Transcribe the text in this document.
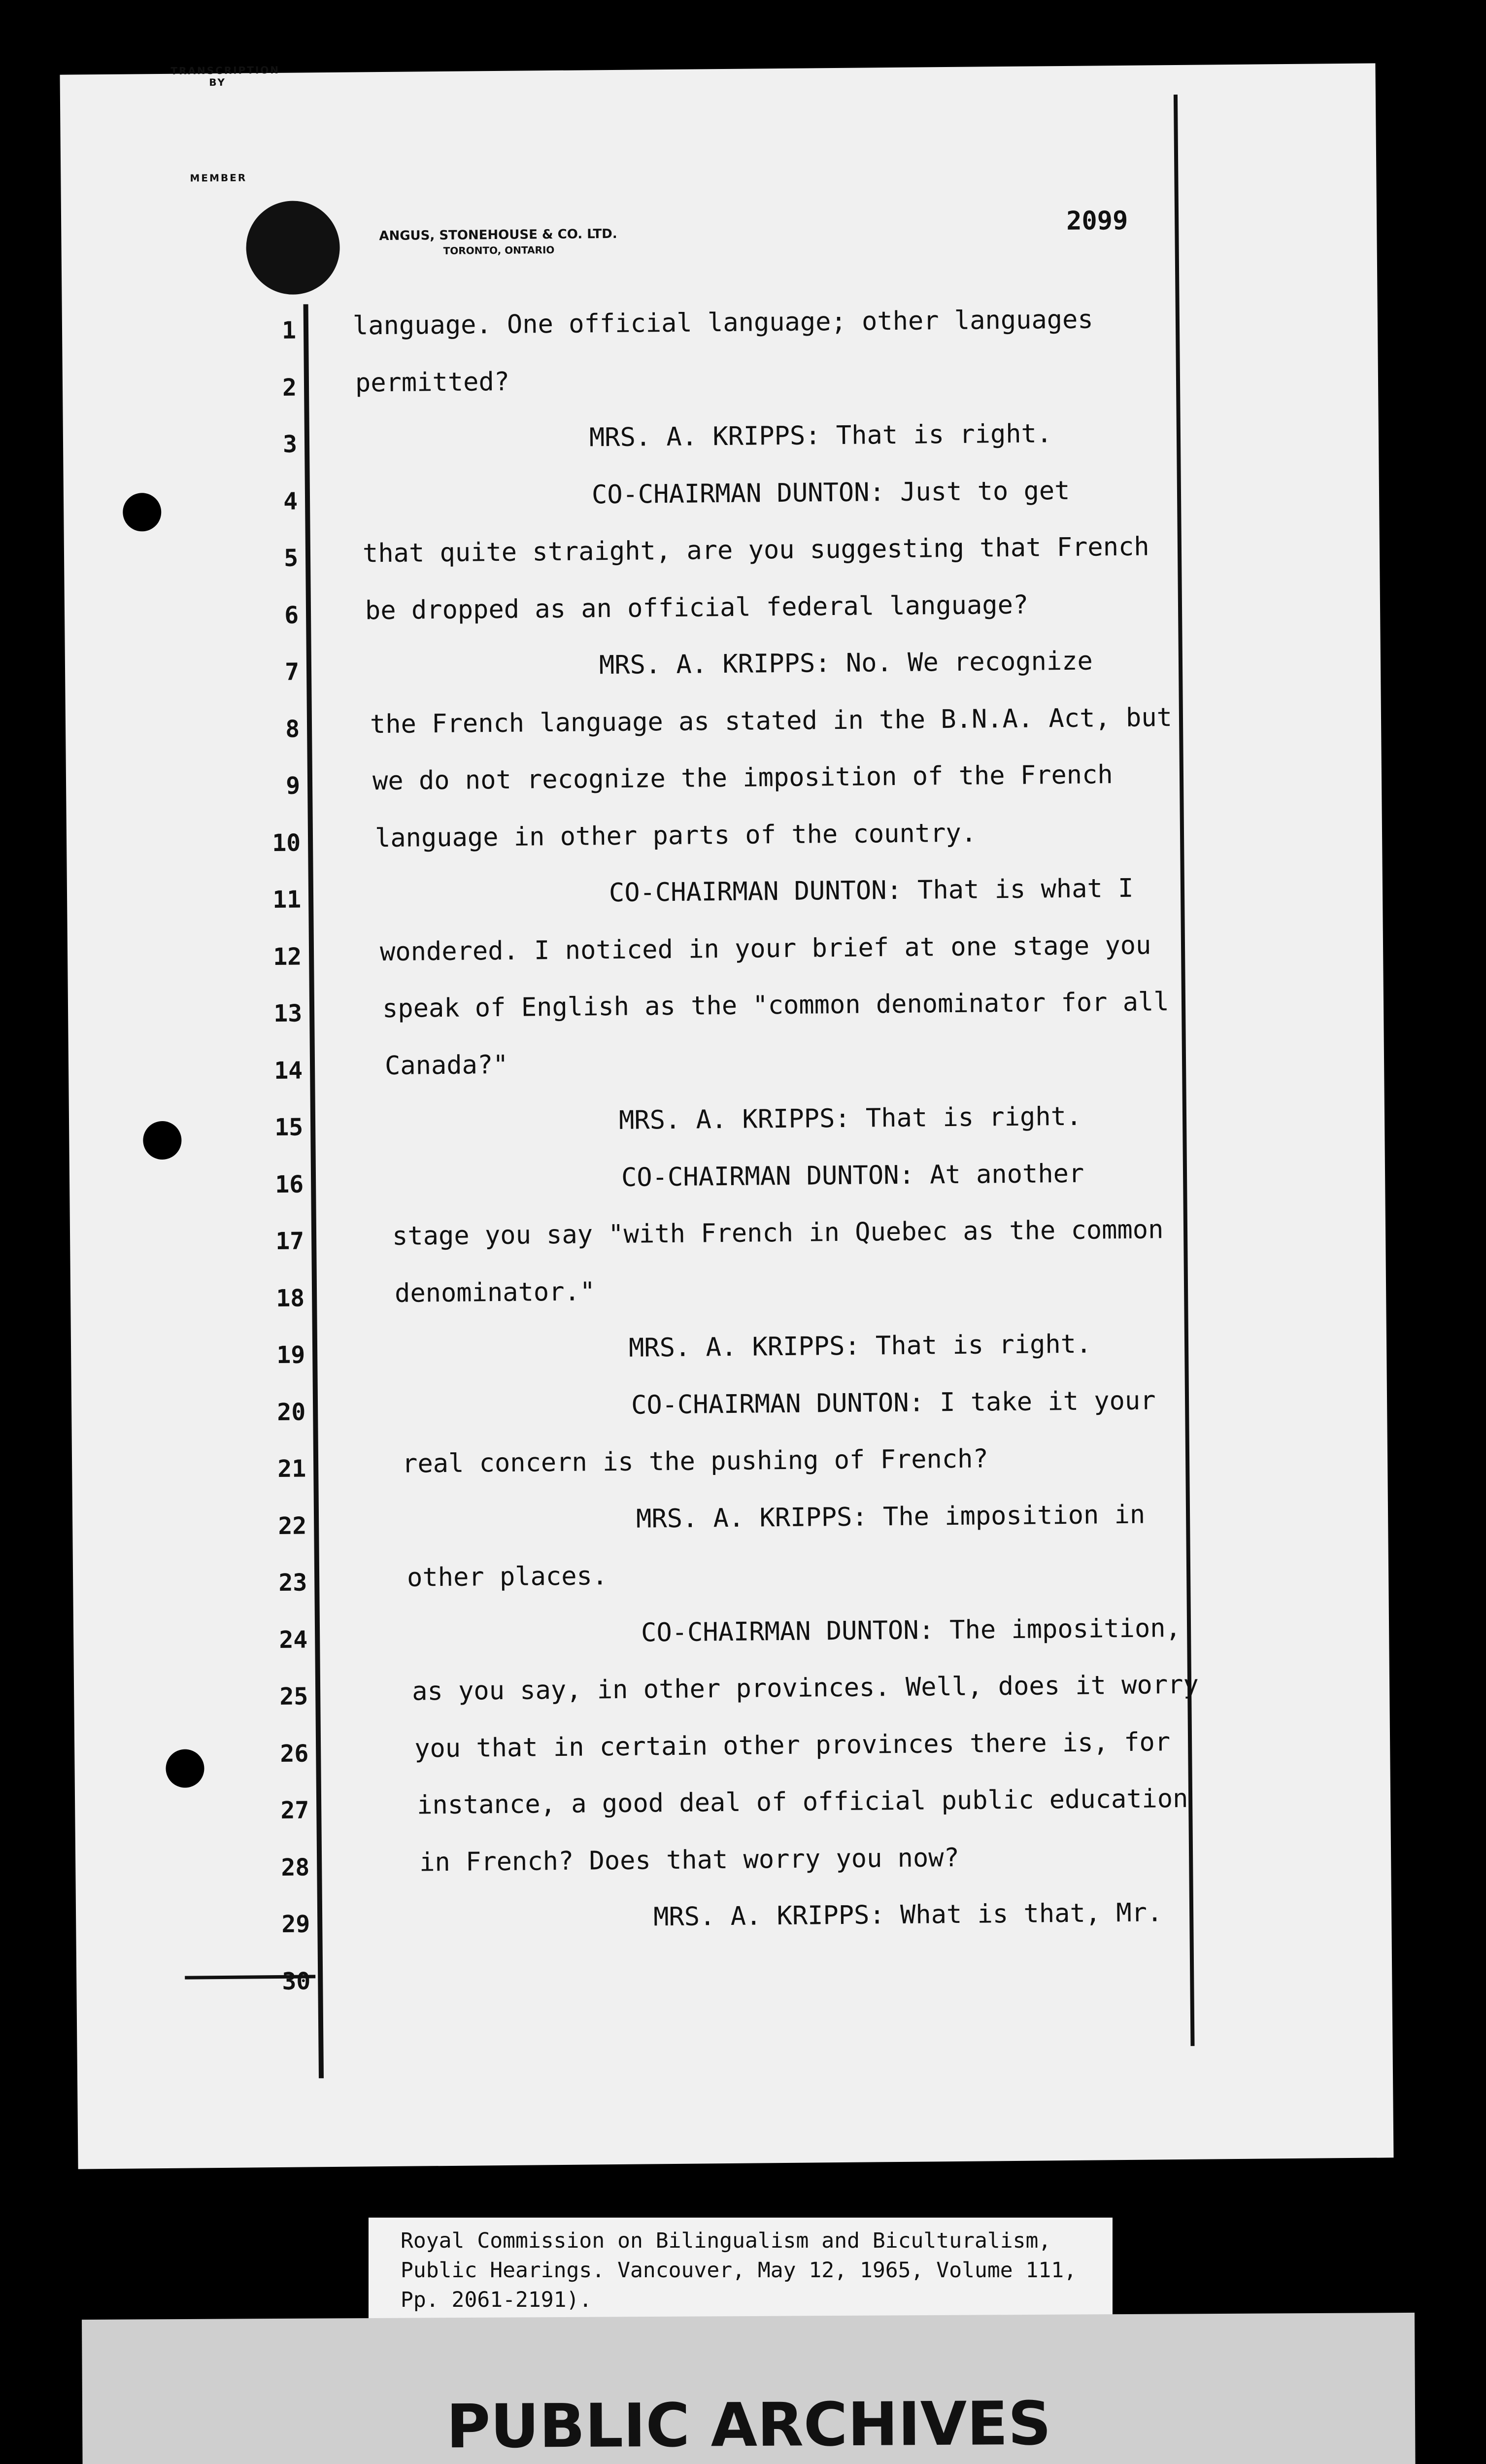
TRANSCRIPTION BY
MEMBER
ANGUS, STONEHOUSE & CO. LTD.
TORONTO, ONTARIO
2099
1
2
3
4
5
6
7
8
9
10
11
12
13
14
15
16
17
18
19
20
21
22
23
24
25
26
27
28
29
30
language. One official language; other languages
permitted?
MRS. A. KRIPPS: That is right.
CO-CHAIRMAN DUNTON: Just to get
that quite straight, are you suggesting that French
be dropped as an official federal language?
MRS. A. KRIPPS: No. We recognize
the French language as stated in the B.N.A. Act, but
we do not recognize the imposition of the French
language in other parts of the country.
CO-CHAIRMAN DUNTON: That is what I
wondered. I noticed in your brief at one stage you
speak of English as the "common denominator for all
Canada?"
MRS. A. KRIPPS: That is right.
CO-CHAIRMAN DUNTON: At another
stage you say "with French in Quebec as the common
denominator."
MRS. A. KRIPPS: That is right.
CO-CHAIRMAN DUNTON: I take it your
real concern is the pushing of French?
MRS. A. KRIPPS: The imposition in
other places.
CO-CHAIRMAN DUNTON: The imposition,
as you say, in other provinces. Well, does it worry
you that in certain other provinces there is, for
instance, a good deal of official public education
in French? Does that worry you now?
MRS. A. KRIPPS: What is that, Mr.
Royal Commission on Bilingualism and Biculturalism,
Public Hearings. Vancouver, May 12, 1965, Volume 111,
Pp. 2061-2191).
PUBLIC ARCHIVES
